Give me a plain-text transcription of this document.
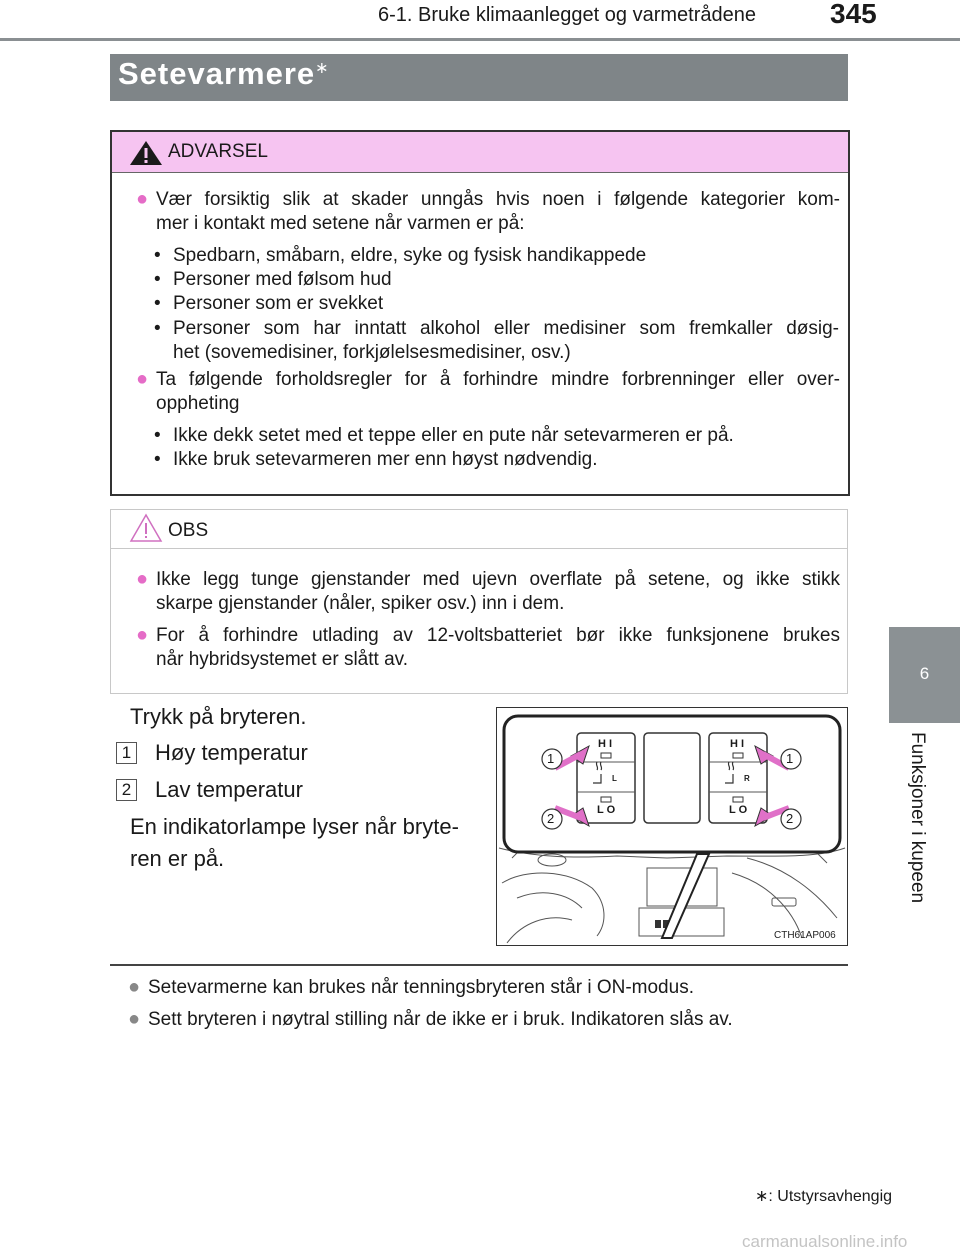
6-1. Bruke klimaanlegget og varmetrådene	345
6
Funksjoner i kupeen
Setevarmere∗
ADVARSEL
● Vær forsiktig slik at skader unngås hvis noen i følgende kategorier kom-
mer i kontakt med setene når varmen er på:
• Spedbarn, småbarn, eldre, syke og fysisk handikappede
• Personer med følsom hud
• Personer som er svekket
• Personer som har inntatt alkohol eller medisiner som fremkaller døsig-
het (sovemedisiner, forkjølelsesmedisiner, osv.)
● Ta følgende forholdsregler for å forhindre mindre forbrenninger eller over-
oppheting
• Ikke dekk setet med et teppe eller en pute når setevarmeren er på.
• Ikke bruk setevarmeren mer enn høyst nødvendig.
OBS
● Ikke legg tunge gjenstander med ujevn overflate på setene, og ikke stikk
skarpe gjenstander (nåler, spiker osv.) inn i dem.
● For å forhindre utlading av 12-voltsbatteriet bør ikke funksjonene brukes
når hybridsystemet er slått av.
Trykk på bryteren.
1 Høy temperatur
2 Lav temperatur
En indikatorlampe lyser når bryte-
ren er på.
H I
L O
L
H I
L O
R
1
2
1
2
CTH61AP006
● Setevarmerne kan brukes når tenningsbryteren står i ON-modus.
● Sett bryteren i nøytral stilling når de ikke er i bruk. Indikatoren slås av.
∗: Utstyrsavhengig
carmanualsonline.info
